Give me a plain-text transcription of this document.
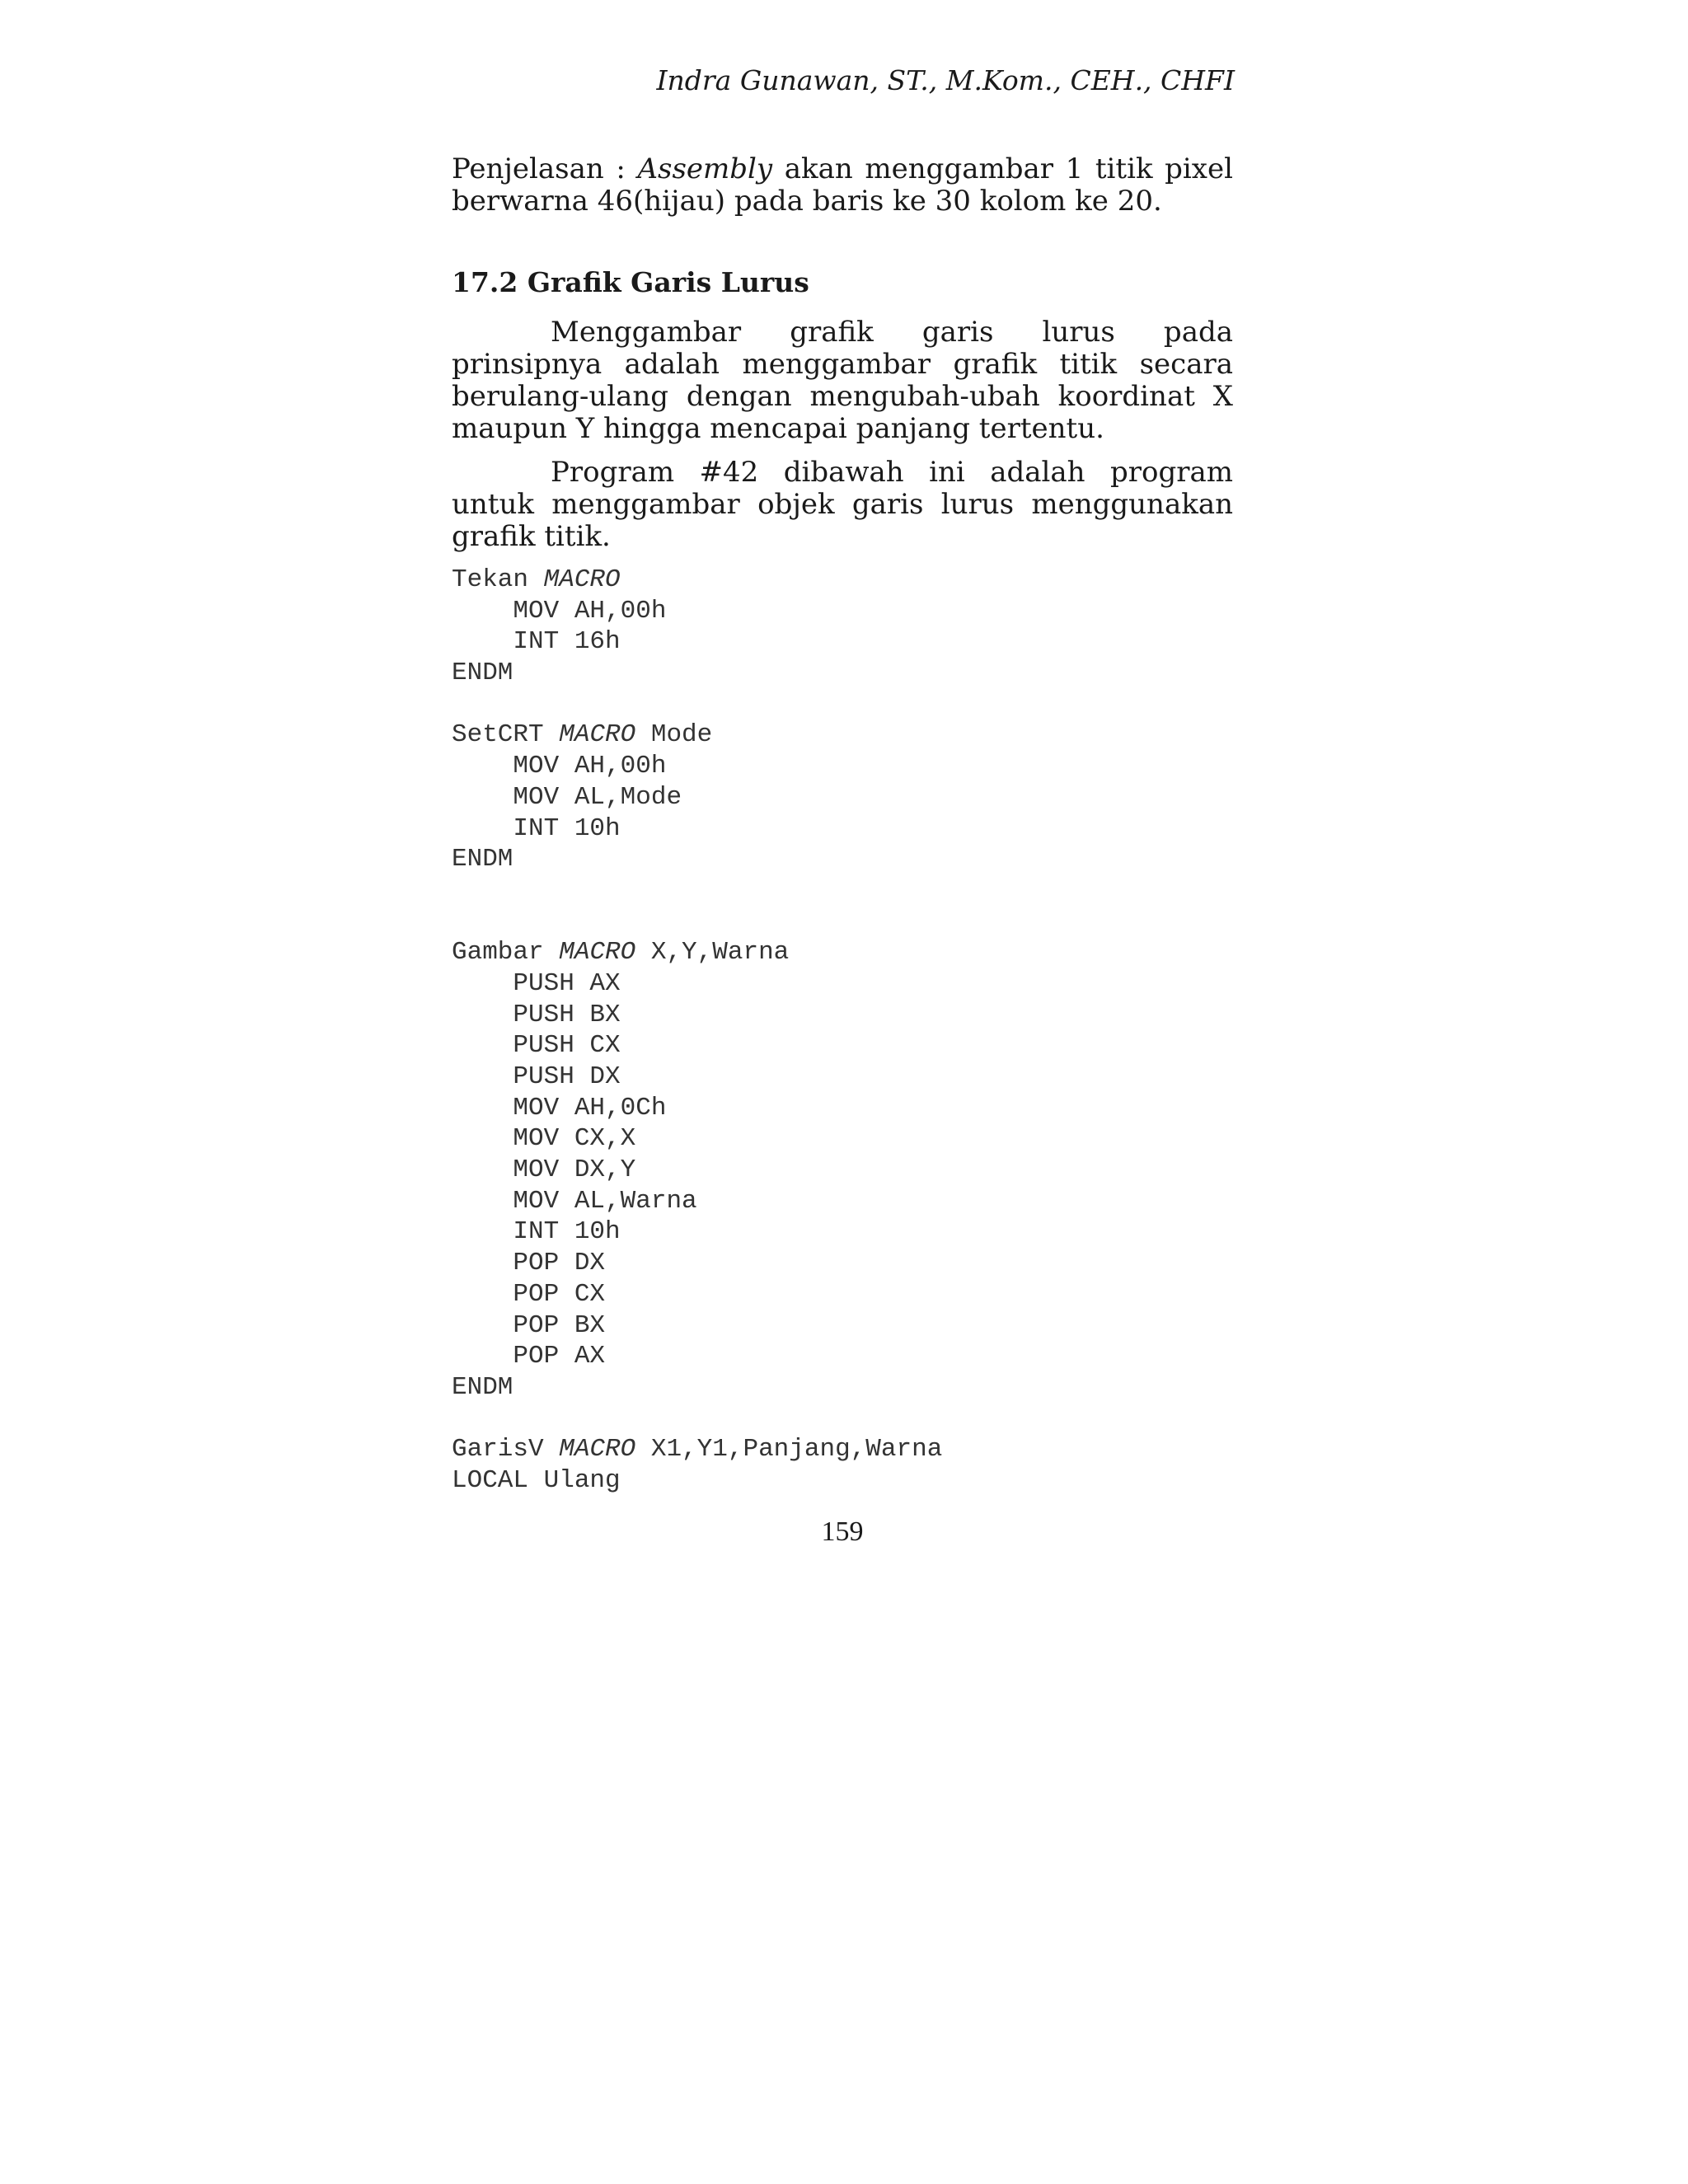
Indra Gunawan, ST., M.Kom., CEH., CHFI

Penjelasan : Assembly akan menggambar 1 titik pixel berwarna 46(hijau) pada baris ke 30 kolom ke 20.

17.2 Grafik Garis Lurus

Menggambar grafik garis lurus pada prinsipnya adalah menggambar grafik titik secara berulang-ulang dengan mengubah-ubah koordinat X maupun Y hingga mencapai panjang tertentu.

Program #42 dibawah ini adalah program untuk menggambar objek garis lurus menggunakan grafik titik.

Tekan MACRO
MOV AH,00h
INT 16h
ENDM
SetCRT MACRO Mode
MOV AH,00h
MOV AL,Mode
INT 10h
ENDM
Gambar MACRO X,Y,Warna
PUSH AX
PUSH BX
PUSH CX
PUSH DX
MOV AH,0Ch
MOV CX,X
MOV DX,Y
MOV AL,Warna
INT 10h
POP DX
POP CX
POP BX
POP AX
ENDM
GarisV MACRO X1,Y1,Panjang,Warna
LOCAL Ulang
159
